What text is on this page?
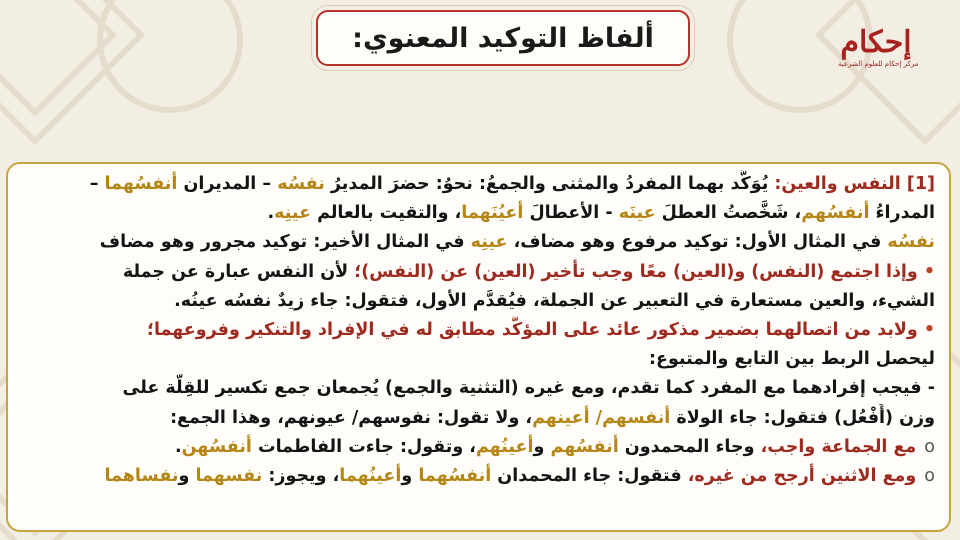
ألفاظ التوكيد المعنوي:	إحكام
مركز إحكام للعلوم الشرعية
[1] النفس والعين: يُوَكَّد بهما المفردُ والمثنى والجمعُ: نحوُ: حضرَ المديرُ نفسُه – المديران أنفسُهما –
المدراءُ أنفسُهم، شَخَّصتُ العطلَ عينَه - الأعطالَ أعيُنَهما، والتقيت بالعالم عينِه.
نفسُه في المثال الأول: توكيد مرفوع وهو مضاف، عينِه في المثال الأخير: توكيد مجرور وهو مضاف
•وإذا اجتمع (النفس) و(العين) معًا وجب تأخير (العين) عن (النفس)؛ لأن النفس عبارة عن جملة
الشيء، والعين مستعارة في التعبير عن الجملة، فيُقدَّم الأول، فتقول: جاء زيدٌ نفسُه عينُه.
•ولابد من اتصالهما بضمير مذكور عائد على المؤكَّد مطابق له في الإفراد والتنكير وفروعهما؛
ليحصل الربط بين التابع والمتبوع:
- فيجب إفرادهما مع المفرد كما تقدم، ومع غيره (التثنية والجمع) يُجمعان جمع تكسير للقِلّة على
وزن (أَفْعُل) فتقول: جاء الولاة أنفسهم/ أعينهم، ولا تقول: نفوسهم/ عيونهم، وهذا الجمع:
oمع الجماعة واجب، وجاء المحمدون أنفسُهم وأعينُهم، وتقول: جاءت الفاطمات أنفسُهن.
oومع الاثنين أرجح من غيره، فتقول: جاء المحمدان أنفسُهما وأعينُهما، ويجوز: نفسهما ونفساهما
